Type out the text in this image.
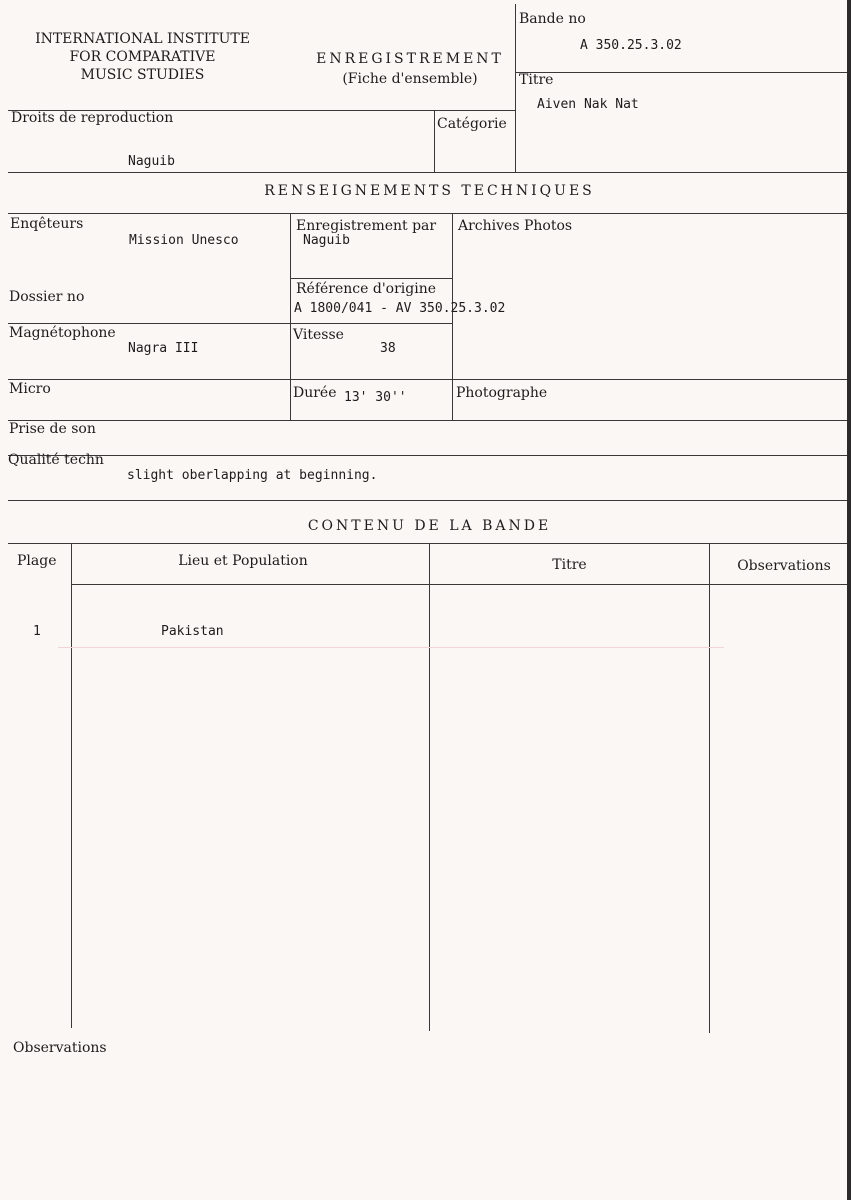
INTERNATIONAL INSTITUTE
FOR COMPARATIVE
MUSIC STUDIES
ENREGISTREMENT
(Fiche d'ensemble)
Bande no
A 350.25.3.02
Titre
Aiven Nak Nat
Droits de reproduction
Naguib
Catégorie
RENSEIGNEMENTS TECHNIQUES
Enqêteurs
Mission Unesco
Enregistrement par
Naguib
Archives Photos
Dossier no	Référence d'origine
A 1800/041 - AV 350.25.3.02
Magnétophone
Nagra III
Vitesse
38
Micro	Durée 13' 30''	Photographe
Prise de son
Qualité techn
slight oberlapping at beginning.
CONTENU DE LA BANDE
Plage	Lieu et Population	Titre	Observations
1	Pakistan
Observations
